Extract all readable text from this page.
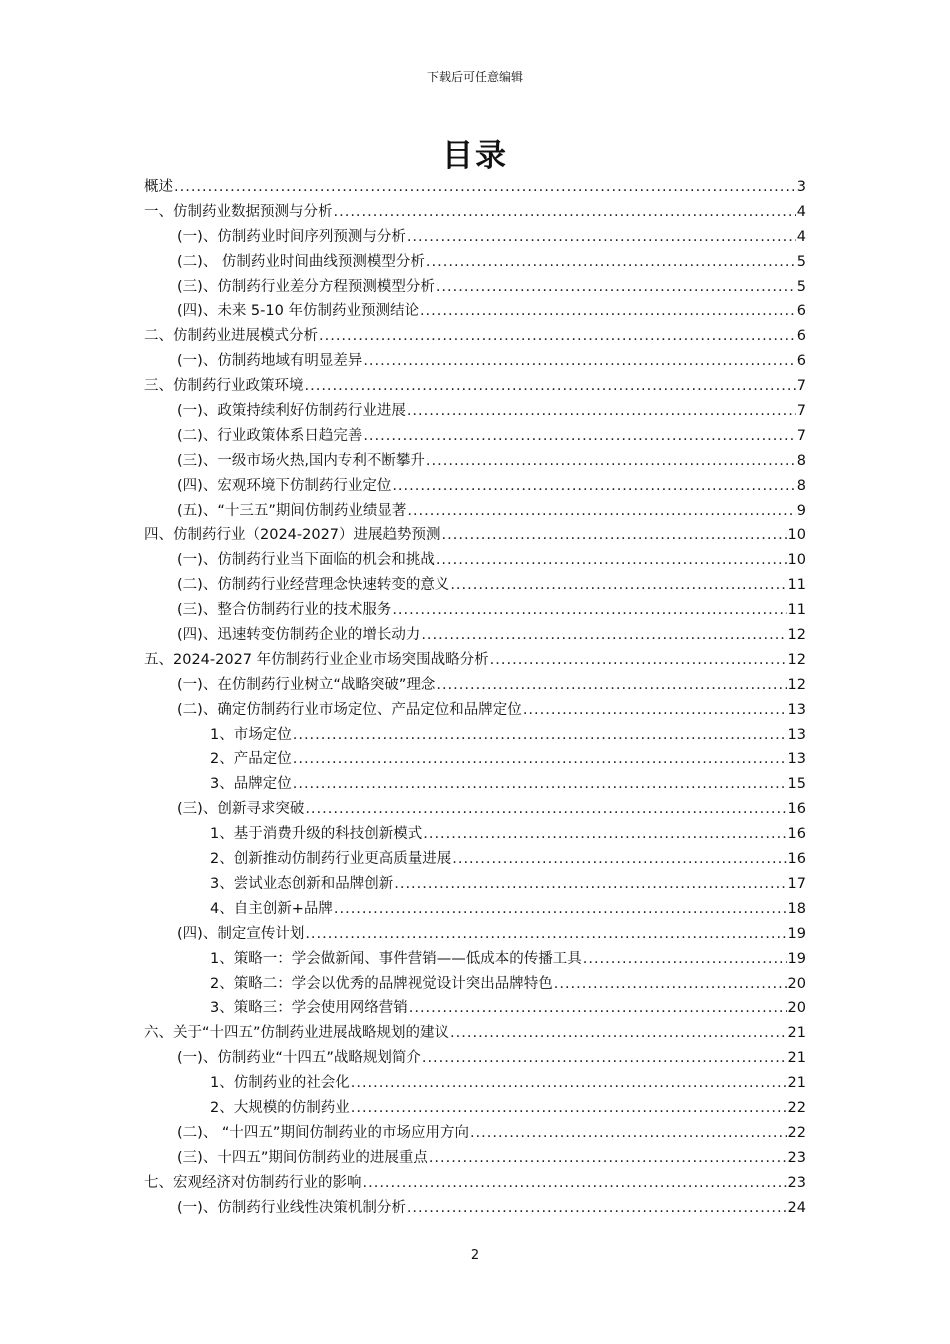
下载后可任意编辑
目录
概述 .....	3
一、仿制药业数据预测与分析 .....	4
(一)、仿制药业时间序列预测与分析 .....	4
(二)、 仿制药业时间曲线预测模型分析 .....	5
(三)、仿制药行业差分方程预测模型分析 .....	5
(四)、未来 5-10 年仿制药业预测结论 .....	6
二、仿制药业进展模式分析 .....	6
(一)、仿制药地域有明显差异 .....	6
三、仿制药行业政策环境 .....	7
(一)、政策持续利好仿制药行业进展 .....	7
(二)、行业政策体系日趋完善 .....	7
(三)、一级市场火热,国内专利不断攀升 .....	8
(四)、宏观环境下仿制药行业定位 .....	8
(五)、“十三五”期间仿制药业绩显著 .....	9
四、仿制药行业（2024-2027）进展趋势预测 .....	10
(一)、仿制药行业当下面临的机会和挑战 .....	10
(二)、仿制药行业经营理念快速转变的意义 .....	11
(三)、整合仿制药行业的技术服务 .....	11
(四)、迅速转变仿制药企业的增长动力 .....	12
五、2024-2027 年仿制药行业企业市场突围战略分析 .....	12
(一)、在仿制药行业树立“战略突破”理念 .....	12
(二)、确定仿制药行业市场定位、产品定位和品牌定位 .....	13
1、市场定位 .....	13
2、产品定位 .....	13
3、品牌定位 .....	15
(三)、创新寻求突破 .....	16
1、基于消费升级的科技创新模式 .....	16
2、创新推动仿制药行业更高质量进展 .....	16
3、尝试业态创新和品牌创新 .....	17
4、自主创新+品牌 .....	18
(四)、制定宣传计划 .....	19
1、策略一：学会做新闻、事件营销——低成本的传播工具 .....	19
2、策略二：学会以优秀的品牌视觉设计突出品牌特色 .....	20
3、策略三：学会使用网络营销 .....	20
六、关于“十四五”仿制药业进展战略规划的建议 .....	21
(一)、仿制药业“十四五”战略规划简介 .....	21
1、仿制药业的社会化 .....	21
2、大规模的仿制药业 .....	22
(二)、 “十四五”期间仿制药业的市场应用方向 .....	22
(三)、十四五”期间仿制药业的进展重点 .....	23
七、宏观经济对仿制药行业的影响 .....	23
(一)、仿制药行业线性决策机制分析 .....	24
2
